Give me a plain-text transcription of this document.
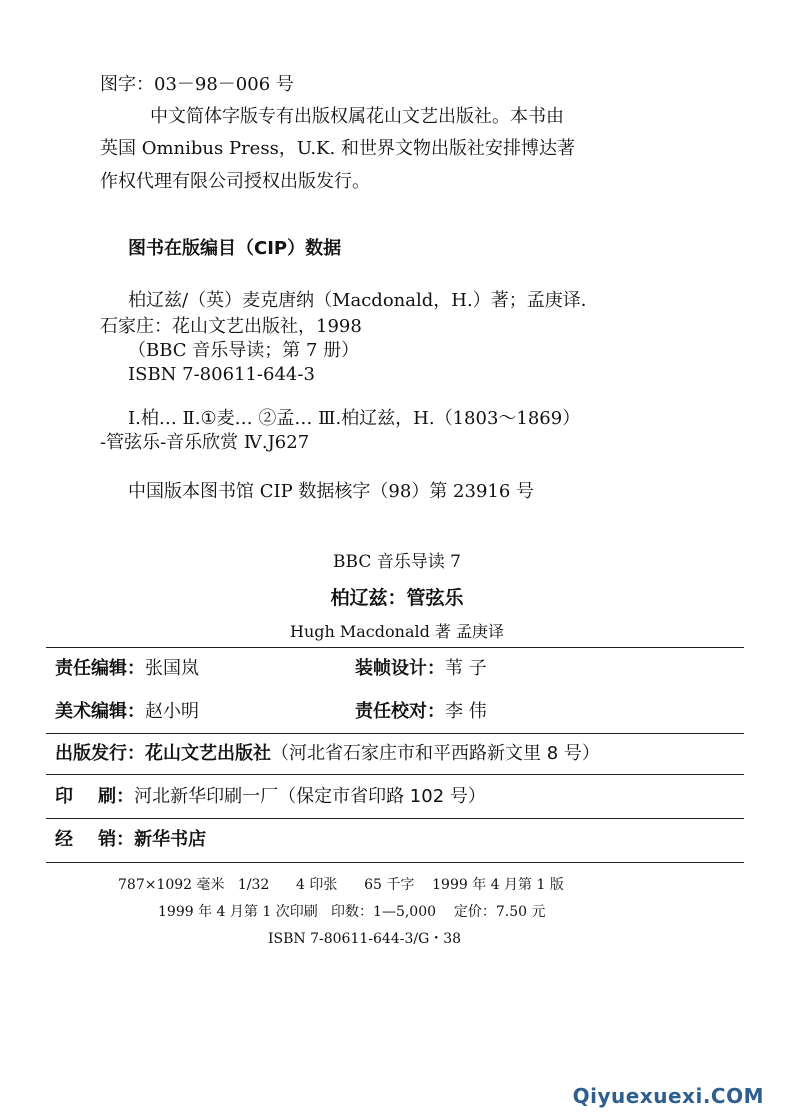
图字：03－98－006 号
中文简体字版专有出版权属花山文艺出版社。本书由
英国 Omnibus Press，U.K. 和世界文物出版社安排博达著
作权代理有限公司授权出版发行。
图书在版编目（CIP）数据
柏辽兹/（英）麦克唐纳（Macdonald，H.）著；孟庚译．
石家庄：花山文艺出版社，1998
（BBC 音乐导读；第 7 册）
ISBN 7-80611-644-3
Ⅰ.柏… Ⅱ.①麦… ②孟… Ⅲ.柏辽兹，H.（1803～1869）
-管弦乐-音乐欣赏 Ⅳ.J627
中国版本图书馆 CIP 数据核字（98）第 23916 号
BBC 音乐导读 7
柏辽兹：管弦乐
Hugh Macdonald 著 孟庚译
责任编辑：张国岚	装帧设计：苇 子
美术编辑：赵小明	责任校对：李 伟
出版发行：花山文艺出版社（河北省石家庄市和平西路新文里 8 号）
印    刷：河北新华印刷一厂（保定市省印路 102 号）
经    销：新华书店
787×1092 毫米   1/32      4 印张      65 千字    1999 年 4 月第 1 版
1999 年 4 月第 1 次印刷   印数：1—5,000    定价：7.50 元
ISBN 7-80611-644-3/G・38
Qiyuexuexi.COM
